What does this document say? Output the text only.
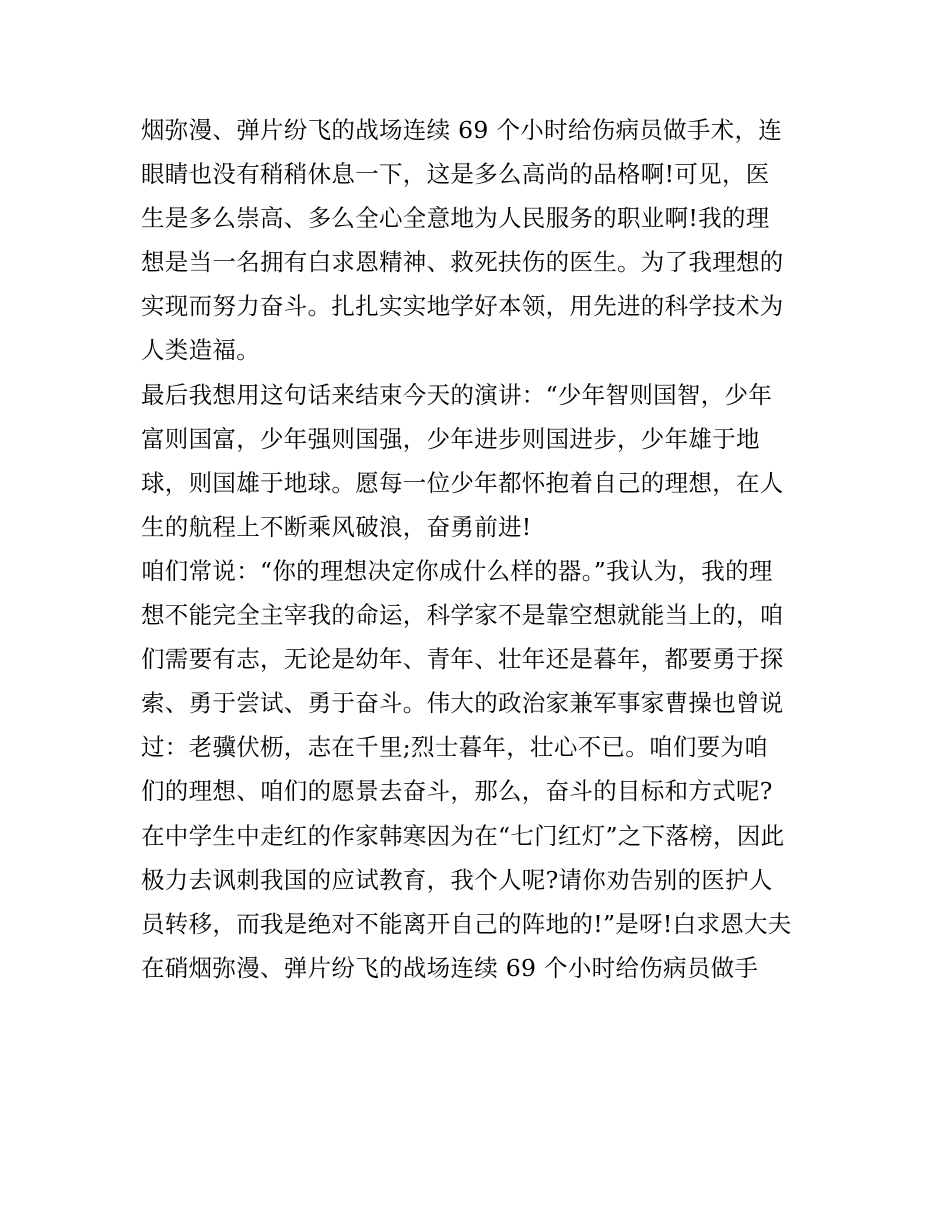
烟弥漫、弹片纷飞的战场连续 69 个小时给伤病员做手术，连
眼睛也没有稍稍休息一下，这是多么高尚的品格啊!可见，医
生是多么崇高、多么全心全意地为人民服务的职业啊!我的理
想是当一名拥有白求恩精神、救死扶伤的医生。为了我理想的
实现而努力奋斗。扎扎实实地学好本领，用先进的科学技术为
人类造福。
最后我想用这句话来结束今天的演讲：“少年智则国智，少年
富则国富，少年强则国强，少年进步则国进步，少年雄于地
球，则国雄于地球。愿每一位少年都怀抱着自己的理想，在人
生的航程上不断乘风破浪，奋勇前进!
咱们常说：“你的理想决定你成什么样的器。”我认为，我的理
想不能完全主宰我的命运，科学家不是靠空想就能当上的，咱
们需要有志，无论是幼年、青年、壮年还是暮年，都要勇于探
索、勇于尝试、勇于奋斗。伟大的政治家兼军事家曹操也曾说
过：老骥伏枥，志在千里;烈士暮年，壮心不已。咱们要为咱
们的理想、咱们的愿景去奋斗，那么，奋斗的目标和方式呢?
在中学生中走红的作家韩寒因为在“七门红灯”之下落榜，因此
极力去讽刺我国的应试教育，我个人呢?请你劝告别的医护人
员转移，而我是绝对不能离开自己的阵地的!”是呀!白求恩大夫
在硝烟弥漫、弹片纷飞的战场连续 69 个小时给伤病员做手
